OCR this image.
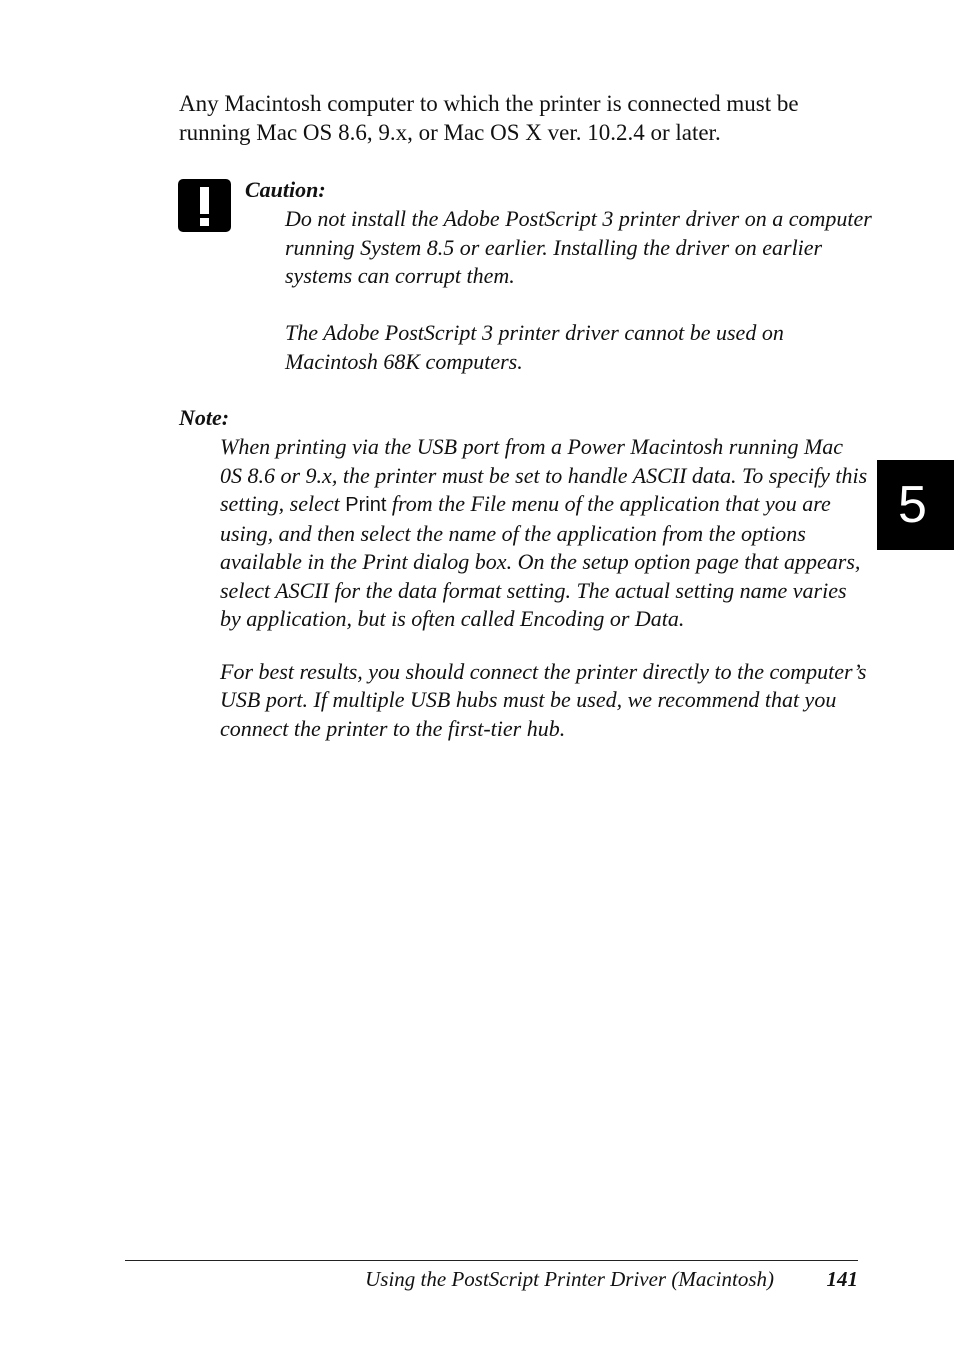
Any Macintosh computer to which the printer is connected must be running Mac OS 8.6, 9.x, or Mac OS X ver. 10.2.4 or later.
Caution:

Do not install the Adobe PostScript 3 printer driver on a computer running System 8.5 or earlier. Installing the driver on earlier systems can corrupt them.

The Adobe PostScript 3 printer driver cannot be used on Macintosh 68K computers.

Note:

When printing via the USB port from a Power Macintosh running Mac 0S 8.6 or 9.x, the printer must be set to handle ASCII data. To specify this setting, select Print from the File menu of the application that you are using, and then select the name of the application from the options available in the Print dialog box. On the setup option page that appears, select ASCII for the data format setting. The actual setting name varies by application, but is often called Encoding or Data.

For best results, you should connect the printer directly to the computer’s USB port. If multiple USB hubs must be used, we recommend that you connect the printer to the first-tier hub.

5
Using the PostScript Printer Driver (Macintosh)	141
